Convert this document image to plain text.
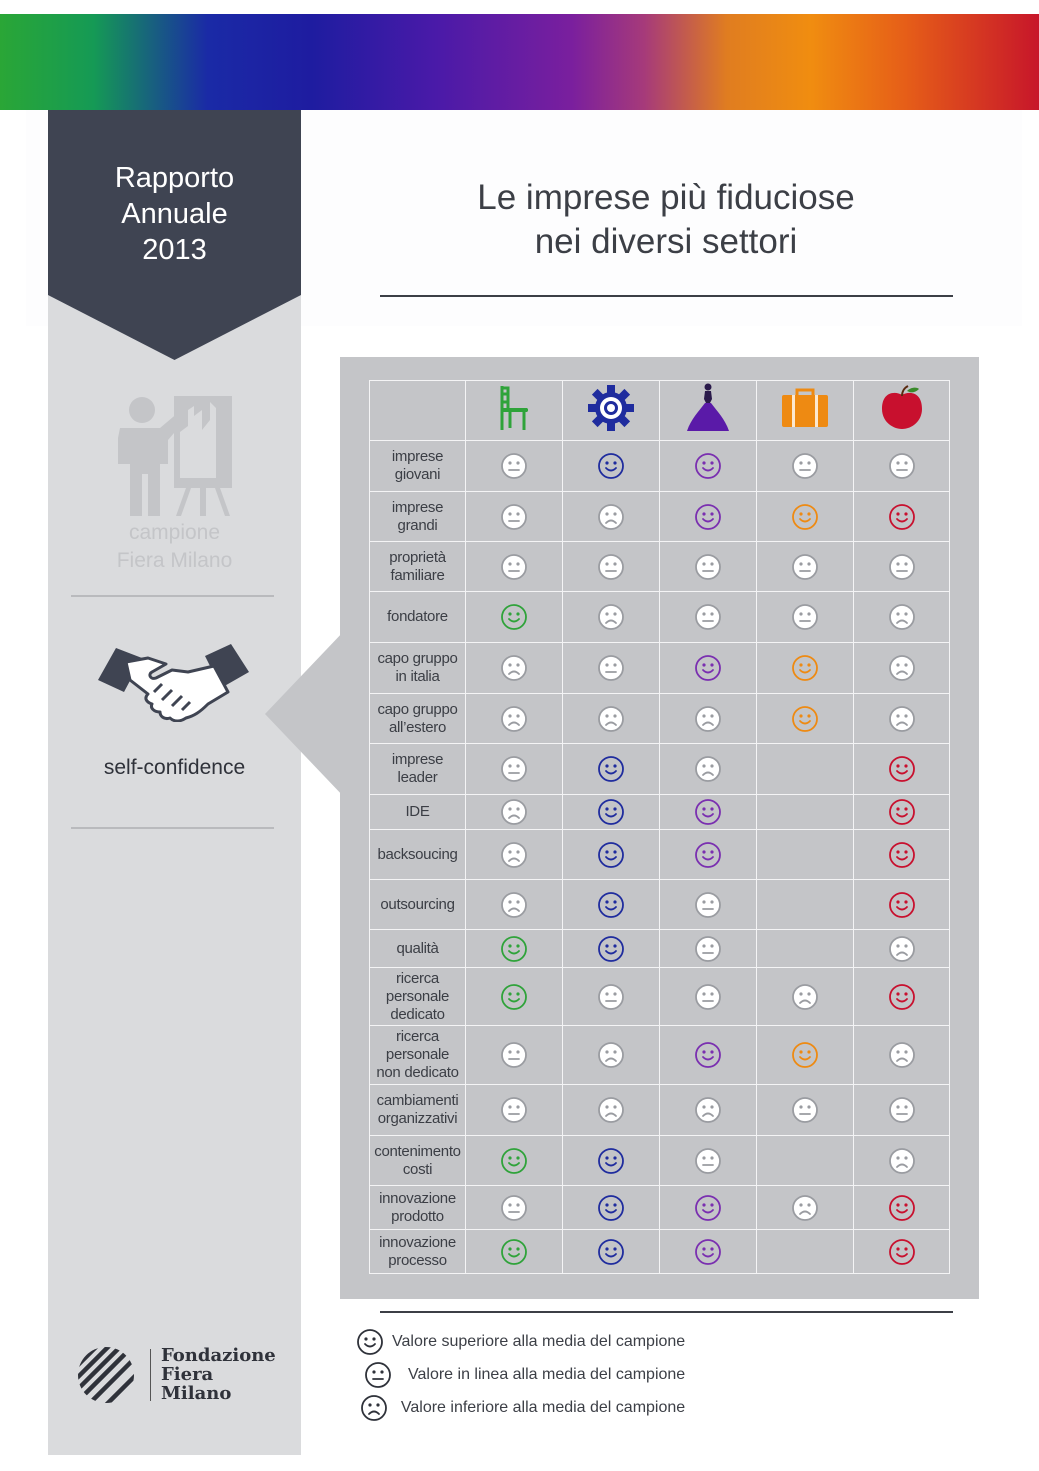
Rapporto
Annuale
2013
campione
Fiera Milano
self-confidence
Fondazione
Fiera
Milano
Le imprese più fiduciose
nei diversi settori

imprese
giovani	

imprese
grandi	

proprietà
familiare	

fondatore	

capo gruppo
in italia	

capo gruppo
all’estero	

imprese
leader	

IDE	

backsoucing	

outsourcing	

qualità	

ricerca
personale
dedicato	

ricerca
personale
non dedicato	

cambiamenti
organizzativi	

contenimento
costi	

innovazione
prodotto	

innovazione
processo	

Valore superiore alla media del campione
Valore in linea alla media del campione
Valore inferiore alla media del campione
